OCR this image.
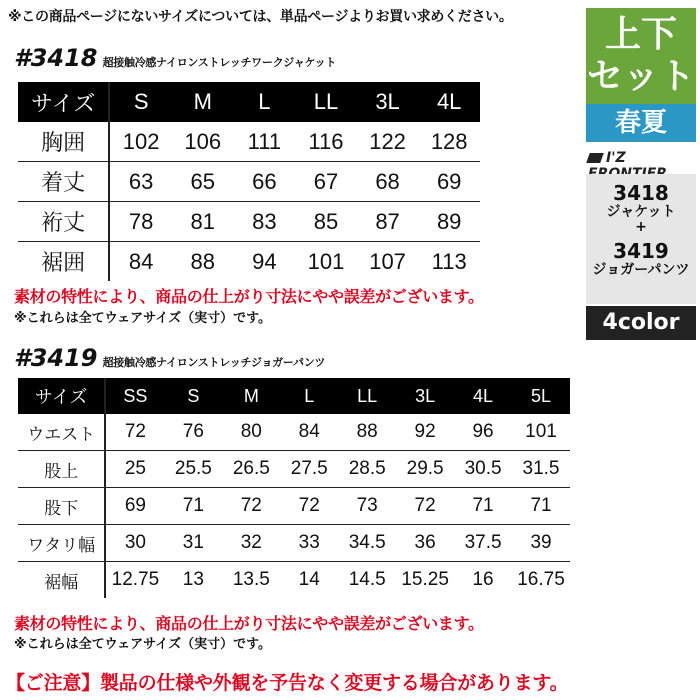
※この商品ページにないサイズについては、単品ページよりお買い求めください。
#3418 超接触冷感ナイロンストレッチワークジャケット
サイズ	S	M	L	LL	3L	4L
胸囲	102	106	111	116	122	128
着丈	63	65	66	67	68	69
裄丈	78	81	83	85	87	89
裾囲	84	88	94	101	107	113
素材の特性により、商品の仕上がり寸法にやや誤差がございます。
※これらは全てウェアサイズ（実寸）です。
#3419 超接触冷感ナイロンストレッチジョガーパンツ
サイズ	SS	S	M	L	LL	3L	4L	5L
ウエスト	72	76	80	84	88	92	96	101
股上	25	25.5	26.5	27.5	28.5	29.5	30.5	31.5
股下	69	71	72	72	73	72	71	71
ワタリ幅	30	31	32	33	34.5	36	37.5	39
裾幅	12.75	13	13.5	14	14.5	15.25	16	16.75
素材の特性により、商品の仕上がり寸法にやや誤差がございます。
※これらは全てウェアサイズ（実寸）です。
【ご注意】製品の仕様や外観を予告なく変更する場合があります。
上下
セット
春夏
I'Z
3418
ジャケット
+
3419
ジョガーパンツ
4color
